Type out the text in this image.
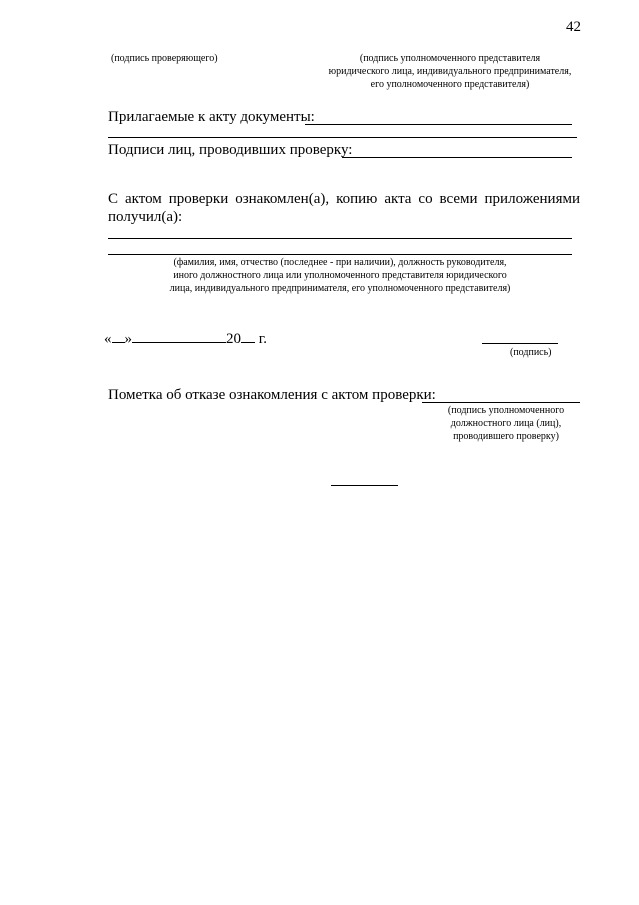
42
(подпись проверяющего)	(подпись уполномоченного представителя
юридического лица, индивидуального предпринимателя,
его уполномоченного представителя)
Прилагаемые к акту документы:
Подписи лиц, проводивших проверку:
С актом проверки ознакомлен(а), копию акта со всеми приложениями
получил(а):
(фамилия, имя, отчество (последнее - при наличии), должность руководителя,
иного должностного лица или уполномоченного представителя юридического
лица, индивидуального предпринимателя, его уполномоченного представителя)
« »	20 г.
(подпись)
Пометка об отказе ознакомления с актом проверки:
(подпись уполномоченного
должностного лица (лиц),
проводившего проверку)
